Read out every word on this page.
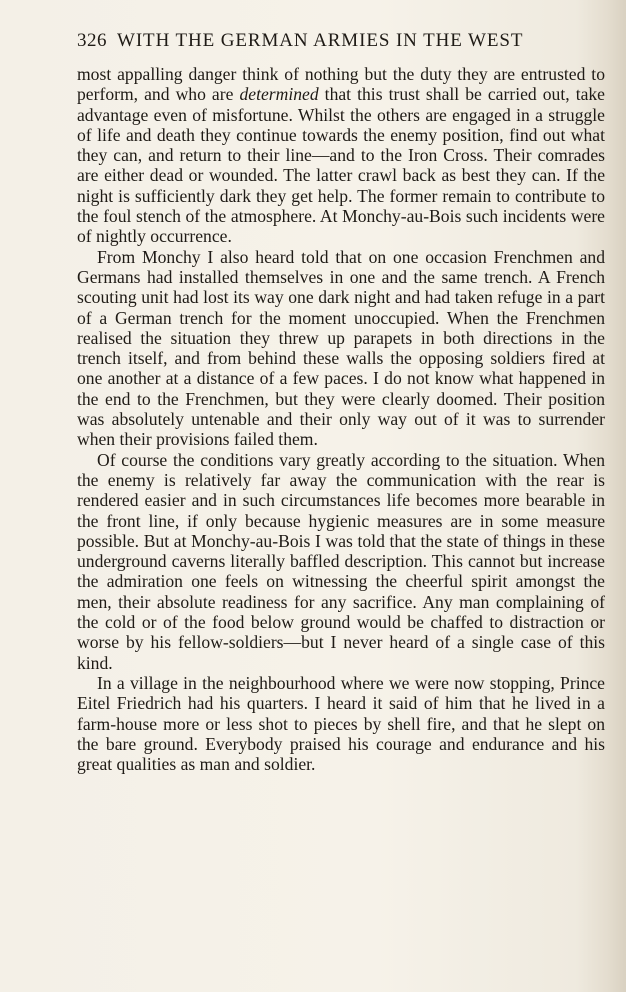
326 WITH THE GERMAN ARMIES IN THE WEST

most appalling danger think of nothing but the duty they are entrusted to perform, and who are determined that this trust shall be carried out, take advantage even of misfortune. Whilst the others are engaged in a struggle of life and death they continue towards the enemy position, find out what they can, and return to their line—and to the Iron Cross. Their comrades are either dead or wounded. The latter crawl back as best they can. If the night is sufficiently dark they get help. The former remain to contribute to the foul stench of the atmosphere. At Monchy-au-Bois such incidents were of nightly occurrence.

From Monchy I also heard told that on one occasion Frenchmen and Germans had installed themselves in one and the same trench. A French scouting unit had lost its way one dark night and had taken refuge in a part of a German trench for the moment unoccupied. When the Frenchmen realised the situation they threw up parapets in both directions in the trench itself, and from behind these walls the opposing soldiers fired at one another at a distance of a few paces. I do not know what happened in the end to the Frenchmen, but they were clearly doomed. Their position was absolutely untenable and their only way out of it was to surrender when their provisions failed them.

Of course the conditions vary greatly according to the situation. When the enemy is relatively far away the communication with the rear is rendered easier and in such circumstances life becomes more bearable in the front line, if only because hygienic measures are in some measure possible. But at Monchy-au-Bois I was told that the state of things in these underground caverns literally baffled description. This cannot but increase the admiration one feels on witnessing the cheerful spirit amongst the men, their absolute readiness for any sacrifice. Any man complaining of the cold or of the food below ground would be chaffed to distraction or worse by his fellow-soldiers—but I never heard of a single case of this kind.

In a village in the neighbourhood where we were now stopping, Prince Eitel Friedrich had his quarters. I heard it said of him that he lived in a farm-house more or less shot to pieces by shell fire, and that he slept on the bare ground. Everybody praised his courage and endurance and his great qualities as man and soldier.
